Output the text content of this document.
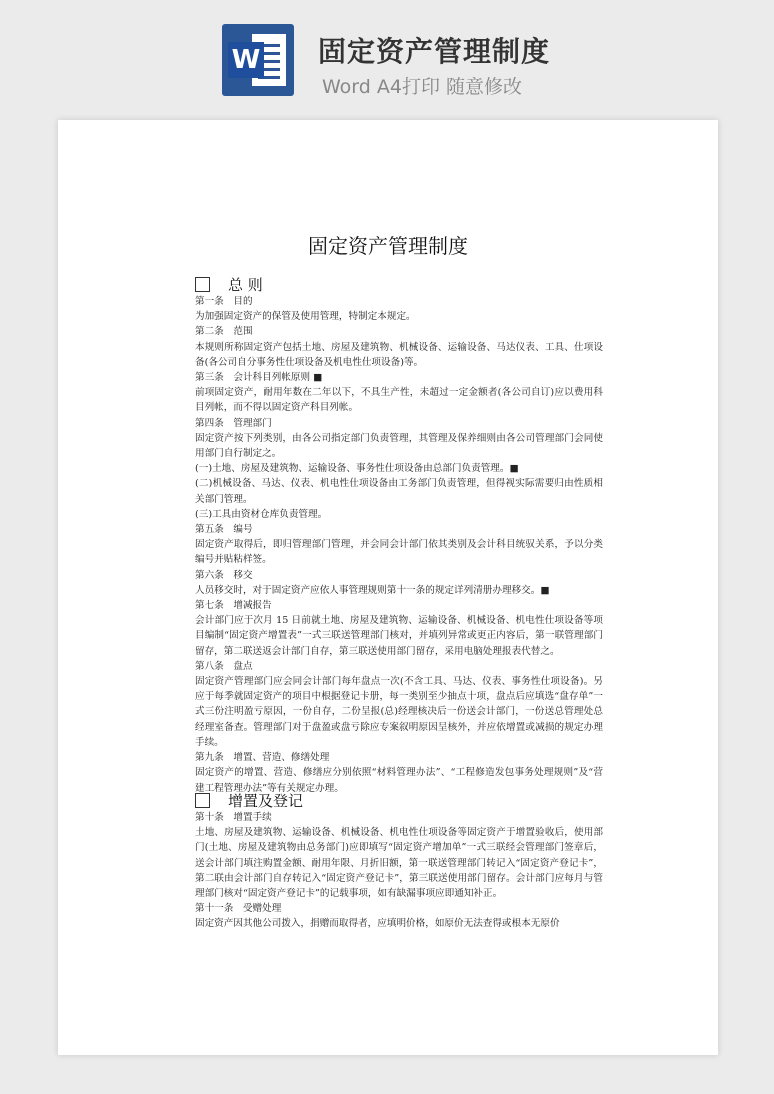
W 固定资产管理制度
Word A4打印 随意修改
固定资产管理制度
总 则

第一条　目的

为加强固定资产的保管及使用管理，特制定本规定。

第二条　范围

本规则所称固定资产包括土地、房屋及建筑物、机械设备、运输设备、马达仪表、工具、仕项设备(各公司自分事务性仕项设备及机电性仕项设备)等。

第三条　会计科目列帐原则 ■

前项固定资产，耐用年数在二年以下，不具生产性，未超过一定金额者(各公司自订)应以费用科目列帐，而不得以固定资产科目列帐。

第四条　管理部门

固定资产按下列类别，由各公司指定部门负责管理，其管理及保养细则由各公司管理部门会同使用部门自行制定之。

(一)土地、房屋及建筑物、运输设备、事务性仕项设备由总部门负责管理。■

(二)机械设备、马达、仪表、机电性仕项设备由工务部门负责管理，但得视实际需要归由性质相关部门管理。

(三)工具由资材仓库负责管理。

第五条　编号

固定资产取得后，即归管理部门管理，并会同会计部门依其类别及会计科目统驭关系，予以分类编号并贴粘样签。

第六条　移交

人员移交时，对于固定资产应依人事管理规则第十一条的规定详列清册办理移交。■

第七条　增减报告

会计部门应于次月 15 日前就土地、房屋及建筑物、运输设备、机械设备、机电性仕项设备等项目编制“固定资产增置表”一式三联送管理部门核对，并填列异常或更正内容后，第一联管理部门留存，第二联送返会计部门自存，第三联送使用部门留存，采用电脑处理报表代替之。

第八条　盘点

固定资产管理部门应会同会计部门每年盘点一次(不含工具、马达、仪表、事务性仕项设备)。另应于每季就固定资产的项目中根据登记卡册，每一类别至少抽点十项，盘点后应填选“盘存单”一式三份注明盈亏原因，一份自存，二份呈报(总)经理核决后一份送会计部门，一份送总管理处总经理室备查。管理部门对于盘盈或盘亏除应专案叙明原因呈核外，并应依增置或减损的规定办理手续。

第九条　增置、营造、修缮处理

固定资产的增置、营造、修缮应分别依照“材料管理办法”、“工程修造发包事务处理规则”及“营建工程管理办法”等有关规定办理。

增置及登记

第十条　增置手续

土地、房屋及建筑物、运输设备、机械设备、机电性仕项设备等固定资产于增置验收后，使用部门(土地、房屋及建筑物由总务部门)应即填写“固定资产增加单”一式三联经会管理部门签章后，送会计部门填注购置金额、耐用年限、月折旧额，第一联送管理部门转记入“固定资产登记卡”，第二联由会计部门自存转记入“固定资产登记卡”，第三联送使用部门留存。会计部门应每月与管理部门核对“固定资产登记卡”的记载事项，如有缺漏事项应即通知补正。

第十一条　受赠处理

固定资产因其他公司拨入，捐赠而取得者，应填明价格，如原价无法查得或根本无原价
